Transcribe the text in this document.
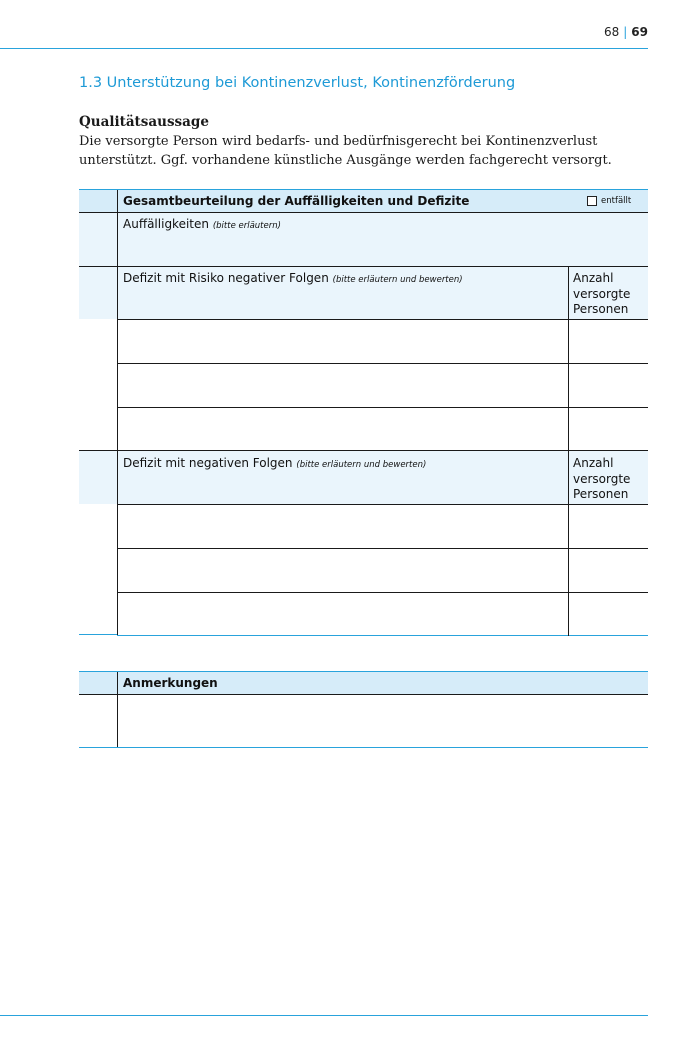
68 | 69
1.3 Unterstützung bei Kontinenzverlust, Kontinenzförderung
Qualitätsaussage
Die versorgte Person wird bedarfs- und bedürfnisgerecht bei Kontinenzverlust unterstützt. Ggf. vorhandene künstliche Ausgänge werden fachgerecht versorgt.
Gesamtbeurteilung der Auffälligkeiten und Defizite	entfällt
Auffälligkeiten (bitte erläutern)
Defizit mit Risiko negativer Folgen (bitte erläutern und bewerten)	Anzahl
versorgte
Personen
Defizit mit negativen Folgen (bitte erläutern und bewerten)	Anzahl
versorgte
Personen
Anmerkungen
